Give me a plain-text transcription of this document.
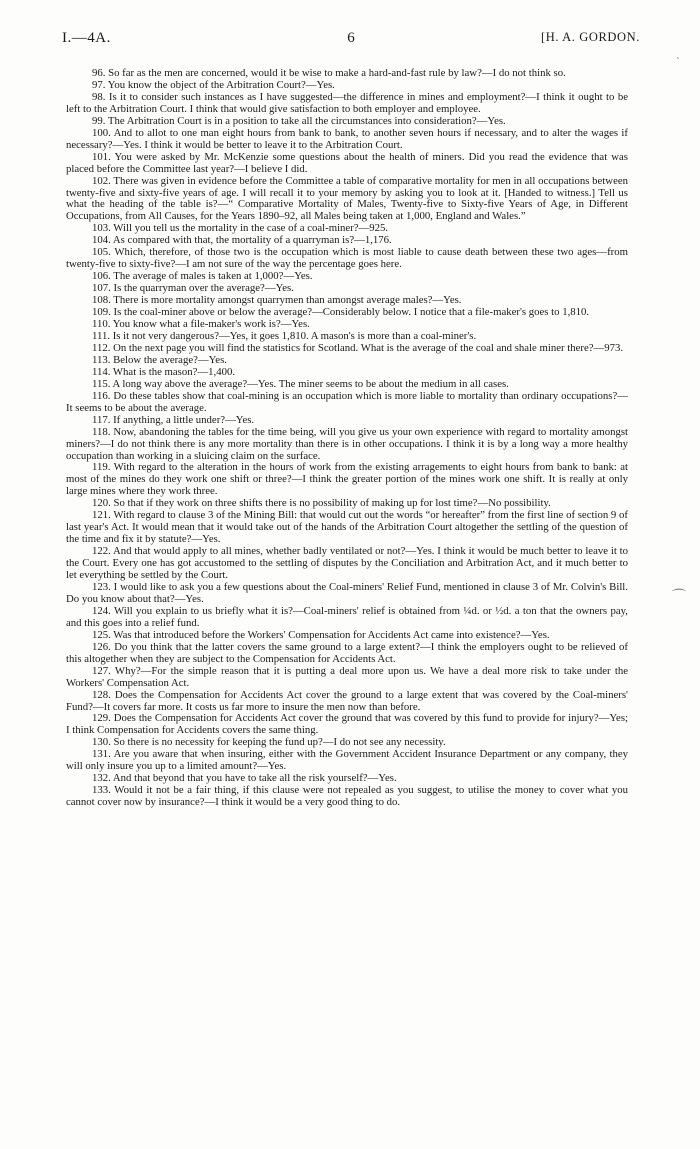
I.—4A.	6	[H. A. GORDON.
ˎ
⌒

96. So far as the men are concerned, would it be wise to make a hard-and-fast rule by law?—I do not think so.

97. You know the object of the Arbitration Court?—Yes.

98. Is it to consider such instances as I have suggested—the difference in mines and employment?—I think it ought to be left to the Arbitration Court. I think that would give satisfaction to both employer and employee.

99. The Arbitration Court is in a position to take all the circumstances into consideration?—Yes.

100. And to allot to one man eight hours from bank to bank, to another seven hours if necessary, and to alter the wages if necessary?—Yes. I think it would be better to leave it to the Arbitration Court.

101. You were asked by Mr. McKenzie some questions about the health of miners. Did you read the evidence that was placed before the Committee last year?—I believe I did.

102. There was given in evidence before the Committee a table of comparative mortality for men in all occupations between twenty-five and sixty-five years of age. I will recall it to your memory by asking you to look at it. [Handed to witness.] Tell us what the heading of the table is?—“ Comparative Mortality of Males, Twenty-five to Sixty-five Years of Age, in Different Occupations, from All Causes, for the Years 1890–92, all Males being taken at 1,000, England and Wales.”

103. Will you tell us the mortality in the case of a coal-miner?—925.

104. As compared with that, the mortality of a quarryman is?—1,176.

105. Which, therefore, of those two is the occupation which is most liable to cause death between these two ages—from twenty-five to sixty-five?—I am not sure of the way the percentage goes here.

106. The average of males is taken at 1,000?—Yes.

107. Is the quarryman over the average?—Yes.

108. There is more mortality amongst quarrymen than amongst average males?—Yes.

109. Is the coal-miner above or below the average?—Considerably below. I notice that a file-maker's goes to 1,810.

110. You know what a file-maker's work is?—Yes.

111. Is it not very dangerous?—Yes, it goes 1,810. A mason's is more than a coal-miner's.

112. On the next page you will find the statistics for Scotland. What is the average of the coal and shale miner there?—973.

113. Below the average?—Yes.

114. What is the mason?—1,400.

115. A long way above the average?—Yes. The miner seems to be about the medium in all cases.

116. Do these tables show that coal-mining is an occupation which is more liable to mortality than ordinary occupations?—It seems to be about the average.

117. If anything, a little under?—Yes.

118. Now, abandoning the tables for the time being, will you give us your own experience with regard to mortality amongst miners?—I do not think there is any more mortality than there is in other occupations. I think it is by a long way a more healthy occupation than working in a sluicing claim on the surface.

119. With regard to the alteration in the hours of work from the existing arragements to eight hours from bank to bank: at most of the mines do they work one shift or three?—I think the greater portion of the mines work one shift. It is really at only large mines where they work three.

120. So that if they work on three shifts there is no possibility of making up for lost time?—No possibility.

121. With regard to clause 3 of the Mining Bill: that would cut out the words “or hereafter” from the first line of section 9 of last year's Act. It would mean that it would take out of the hands of the Arbitration Court altogether the settling of the question of the time and fix it by statute?—Yes.

122. And that would apply to all mines, whether badly ventilated or not?—Yes. I think it would be much better to leave it to the Court. Every one has got accustomed to the settling of disputes by the Conciliation and Arbitration Act, and it much better to let everything be settled by the Court.

123. I would like to ask you a few questions about the Coal-miners' Relief Fund, mentioned in clause 3 of Mr. Colvin's Bill. Do you know about that?—Yes.

124. Will you explain to us briefly what it is?—Coal-miners' relief is obtained from ¼d. or ½d. a ton that the owners pay, and this goes into a relief fund.

125. Was that introduced before the Workers' Compensation for Accidents Act came into existence?—Yes.

126. Do you think that the latter covers the same ground to a large extent?—I think the employers ought to be relieved of this altogether when they are subject to the Compensation for Accidents Act.

127. Why?—For the simple reason that it is putting a deal more upon us. We have a deal more risk to take under the Workers' Compensation Act.

128. Does the Compensation for Accidents Act cover the ground to a large extent that was covered by the Coal-miners' Fund?—It covers far more. It costs us far more to insure the men now than before.

129. Does the Compensation for Accidents Act cover the ground that was covered by this fund to provide for injury?—Yes; I think Compensation for Accidents covers the same thing.

130. So there is no necessity for keeping the fund up?—I do not see any necessity.

131. Are you aware that when insuring, either with the Government Accident Insurance Department or any company, they will only insure you up to a limited amount?—Yes.

132. And that beyond that you have to take all the risk yourself?—Yes.

133. Would it not be a fair thing, if this clause were not repealed as you suggest, to utilise the money to cover what you cannot cover now by insurance?—I think it would be a very good thing to do.
